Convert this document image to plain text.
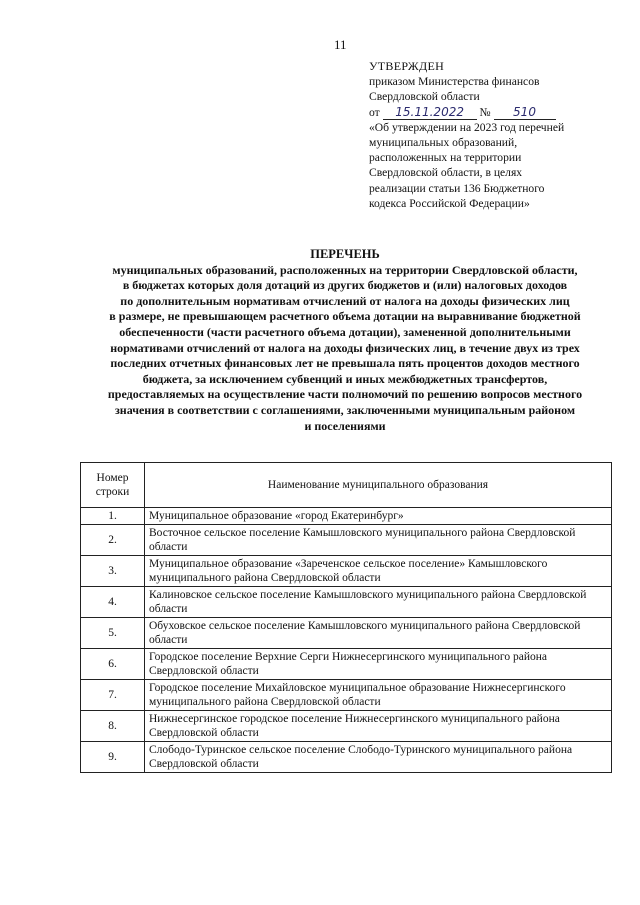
11
УТВЕРЖДЕН
приказом Министерства финансов
Свердловской области
от 15.11.2022 № 510
«Об утверждении на 2023 год перечней
муниципальных образований,
расположенных на территории
Свердловской области, в целях
реализации статьи 136 Бюджетного
кодекса Российской Федерации»
ПЕРЕЧЕНЬ
муниципальных образований, расположенных на территории Свердловской области,
в бюджетах которых доля дотаций из других бюджетов и (или) налоговых доходов
по дополнительным нормативам отчислений от налога на доходы физических лиц
в размере, не превышающем расчетного объема дотации на выравнивание бюджетной
обеспеченности (части расчетного объема дотации), замененной дополнительными
нормативами отчислений от налога на доходы физических лиц, в течение двух из трех
последних отчетных финансовых лет не превышала пять процентов доходов местного
бюджета, за исключением субвенций и иных межбюджетных трансфертов,
предоставляемых на осуществление части полномочий по решению вопросов местного
значения в соответствии с соглашениями, заключенными муниципальным районом
и поселениями
Номер строки	Наименование муниципального образования
1.	Муниципальное образование «город Екатеринбург»
2.	Восточное сельское поселение Камышловского муниципального района Свердловской области
3.	Муниципальное образование «Зареченское сельское поселение» Камышловского муниципального района Свердловской области
4.	Калиновское сельское поселение Камышловского муниципального района Свердловской области
5.	Обуховское сельское поселение Камышловского муниципального района Свердловской области
6.	Городское поселение Верхние Серги Нижнесергинского муниципального района Свердловской области
7.	Городское поселение Михайловское муниципальное образование Нижнесергинского муниципального района Свердловской области
8.	Нижнесергинское городское поселение Нижнесергинского муниципального района Свердловской области
9.	Слободо-Туринское сельское поселение Слободо-Туринского муниципального района Свердловской области
